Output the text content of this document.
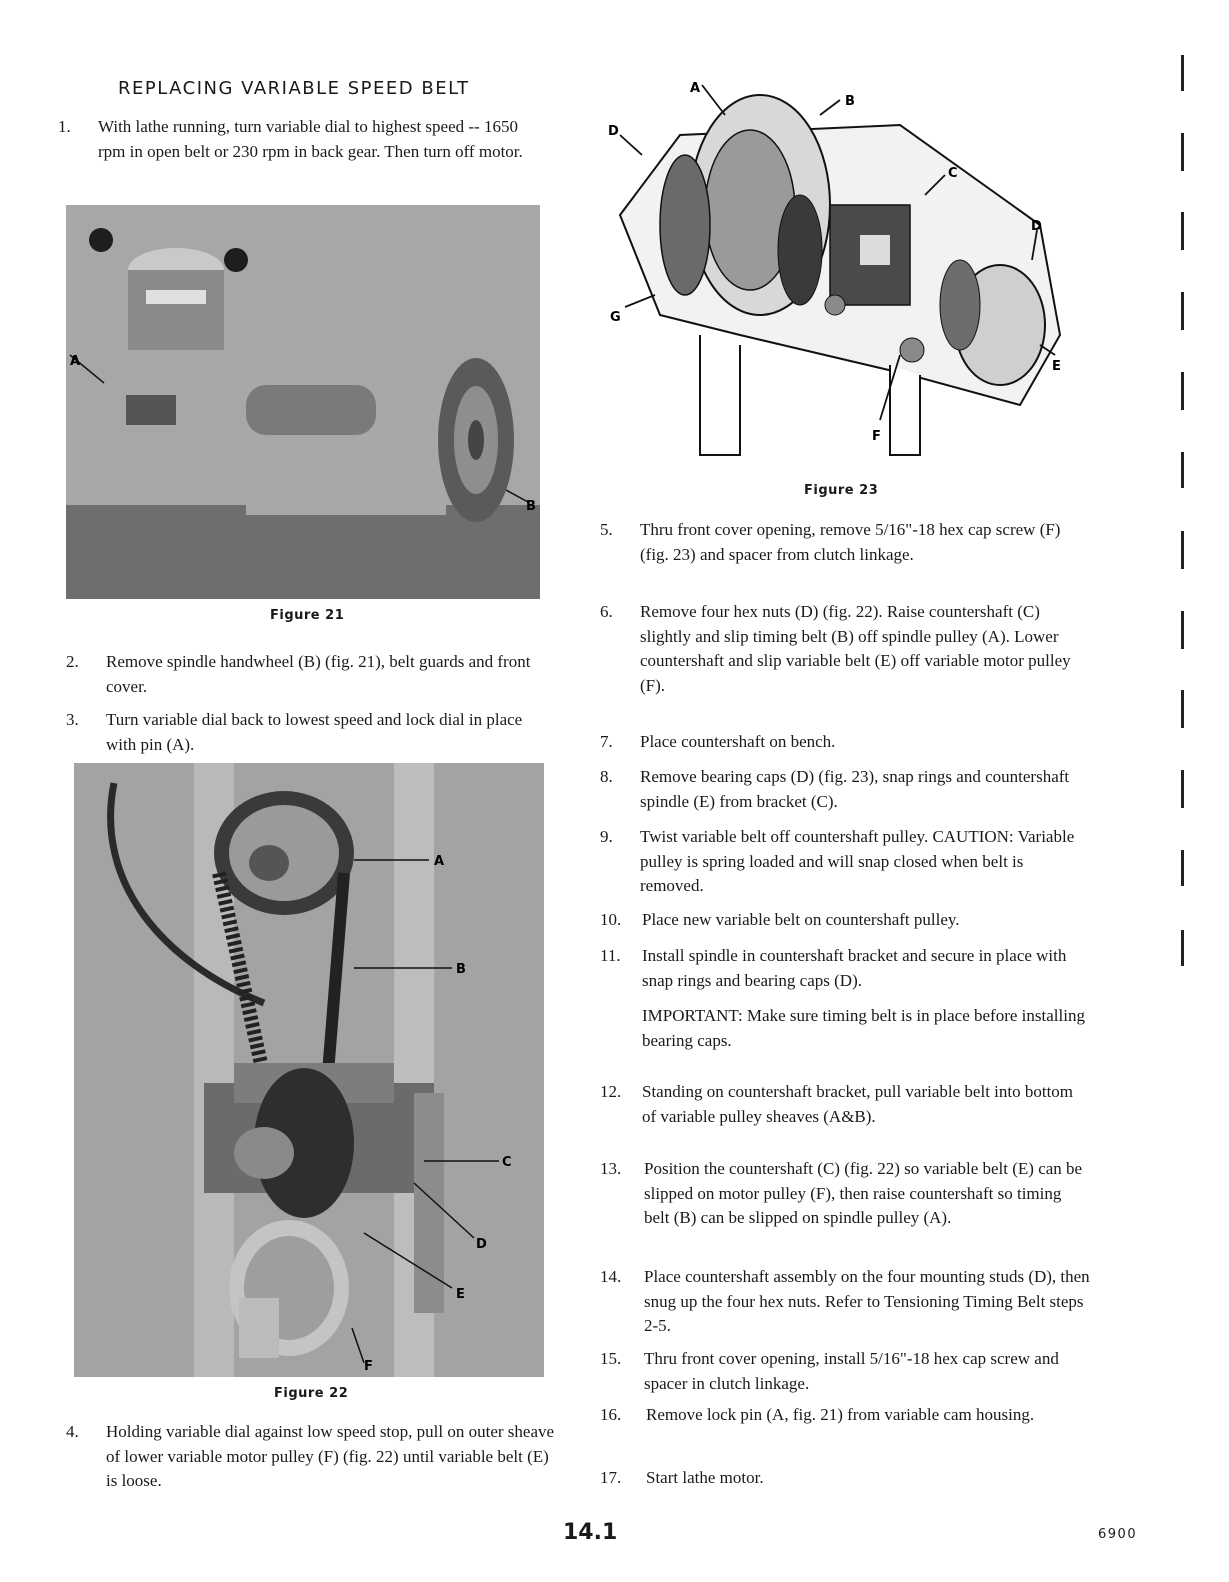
REPLACING VARIABLE SPEED BELT
1. With lathe running, turn variable dial to highest speed -- 1650 rpm in open belt or 230 rpm in back gear. Then turn off motor.
A
B
Figure 21
2. Remove spindle handwheel (B) (fig. 21), belt guards and front cover.
3. Turn variable dial back to lowest speed and lock dial in place with pin (A).
A
B
C
D
E
F
Figure 22
4. Holding variable dial against low speed stop, pull on outer sheave of lower variable motor pulley (F) (fig. 22) until variable belt (E) is loose.
A
B
C
D
D
E
F
G
Figure 23
5. Thru front cover opening, remove 5/16"-18 hex cap screw (F) (fig. 23) and spacer from clutch linkage.
6. Remove four hex nuts (D) (fig. 22). Raise countershaft (C) slightly and slip timing belt (B) off spindle pulley (A). Lower countershaft and slip variable belt (E) off variable motor pulley (F).
7. Place countershaft on bench.
8. Remove bearing caps (D) (fig. 23), snap rings and countershaft spindle (E) from bracket (C).
9. Twist variable belt off countershaft pulley. CAUTION: Variable pulley is spring loaded and will snap closed when belt is removed.
10. Place new variable belt on countershaft pulley.
11. Install spindle in countershaft bracket and secure in place with snap rings and bearing caps (D).
IMPORTANT: Make sure timing belt is in place before installing bearing caps.
12. Standing on countershaft bracket, pull variable belt into bottom of variable pulley sheaves (A&B).
13. Position the countershaft (C) (fig. 22) so variable belt (E) can be slipped on motor pulley (F), then raise countershaft so timing belt (B) can be slipped on spindle pulley (A).
14. Place countershaft assembly on the four mounting studs (D), then snug up the four hex nuts. Refer to Tensioning Timing Belt steps 2-5.
15. Thru front cover opening, install 5/16"-18 hex cap screw and spacer in clutch linkage.
16. Remove lock pin (A, fig. 21) from variable cam housing.
17. Start lathe motor.
14.1	6900
